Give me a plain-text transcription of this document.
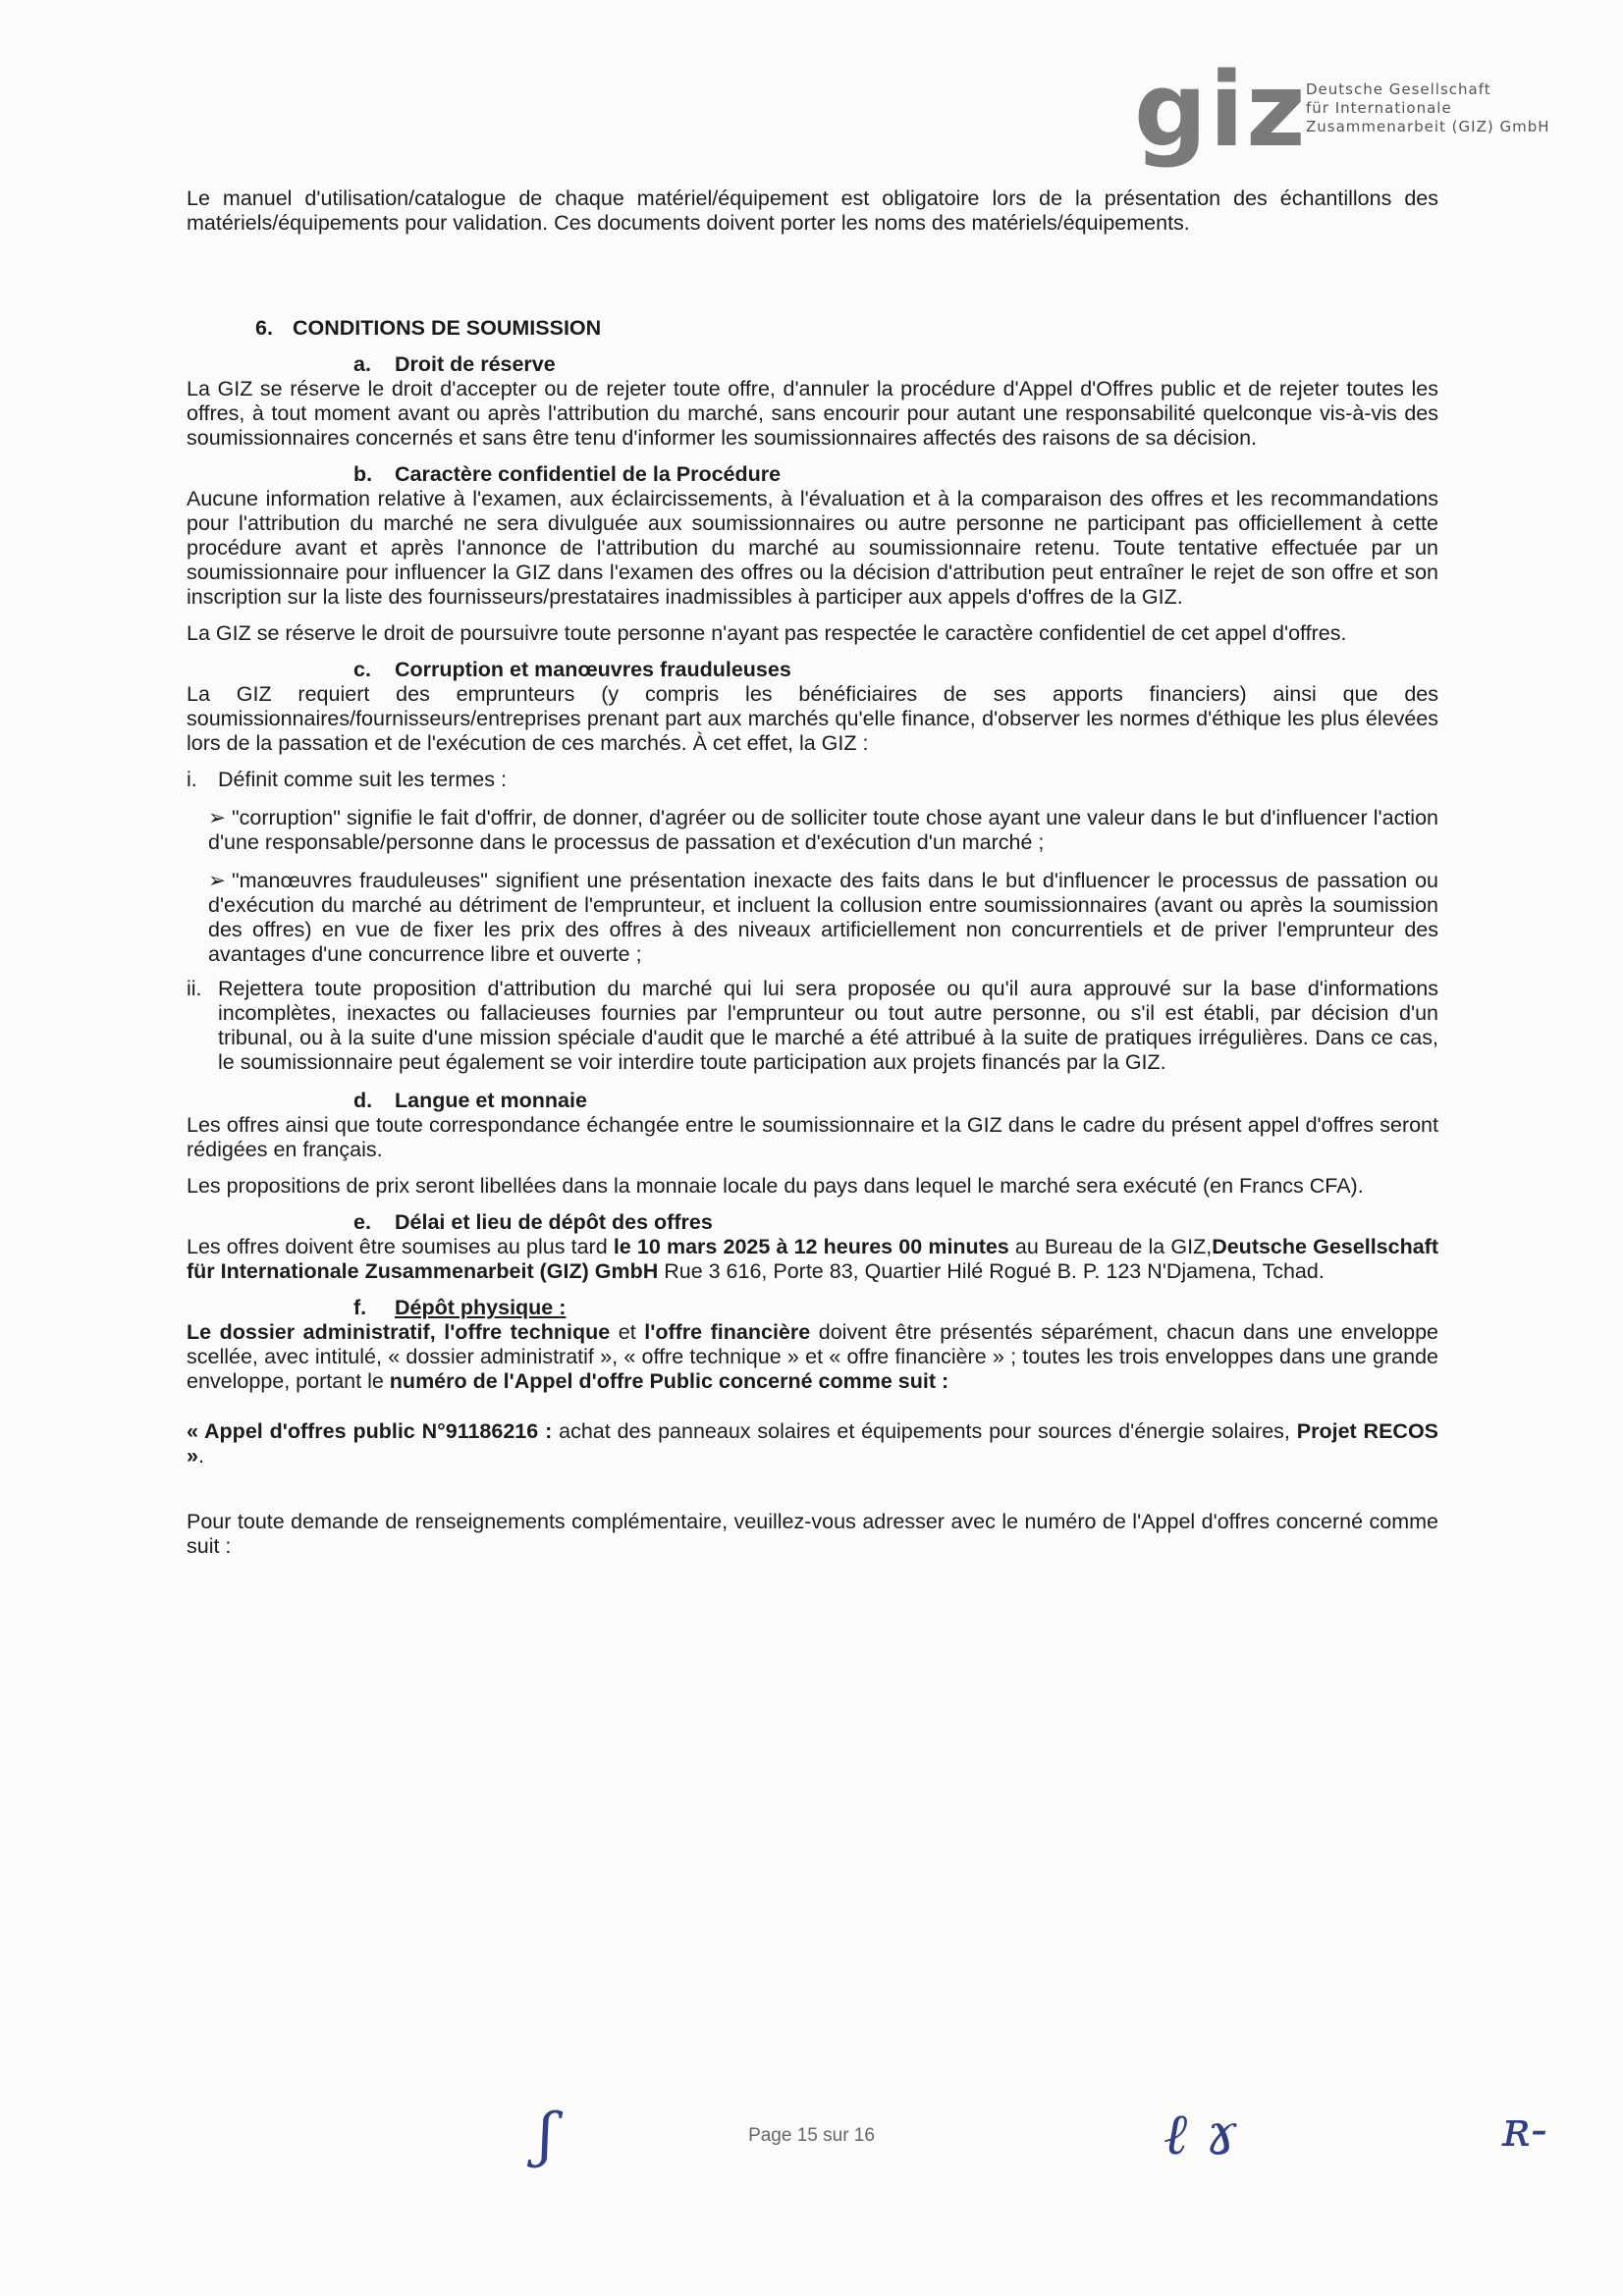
giz
Deutsche Gesellschaft
für Internationale
Zusammenarbeit (GIZ) GmbH

Le manuel d'utilisation/catalogue de chaque matériel/équipement est obligatoire lors de la présentation des échantillons des matériels/équipements pour validation. Ces documents doivent porter les noms des matériels/équipements.

6. CONDITIONS DE SOUMISSION
a. Droit de réserve

La GIZ se réserve le droit d'accepter ou de rejeter toute offre, d'annuler la procédure d'Appel d'Offres public et de rejeter toutes les offres, à tout moment avant ou après l'attribution du marché, sans encourir pour autant une responsabilité quelconque vis-à-vis des soumissionnaires concernés et sans être tenu d'informer les soumissionnaires affectés des raisons de sa décision.

b. Caractère confidentiel de la Procédure

Aucune information relative à l'examen, aux éclaircissements, à l'évaluation et à la comparaison des offres et les recommandations pour l'attribution du marché ne sera divulguée aux soumissionnaires ou autre personne ne participant pas officiellement à cette procédure avant et après l'annonce de l'attribution du marché au soumissionnaire retenu. Toute tentative effectuée par un soumissionnaire pour influencer la GIZ dans l'examen des offres ou la décision d'attribution peut entraîner le rejet de son offre et son inscription sur la liste des fournisseurs/prestataires inadmissibles à participer aux appels d'offres de la GIZ.

La GIZ se réserve le droit de poursuivre toute personne n'ayant pas respectée le caractère confidentiel de cet appel d'offres.

c. Corruption et manœuvres frauduleuses

La GIZ requiert des emprunteurs (y compris les bénéficiaires de ses apports financiers) ainsi que des soumissionnaires/fournisseurs/entreprises prenant part aux marchés qu'elle finance, d'observer les normes d'éthique les plus élevées lors de la passation et de l'exécution de ces marchés. À cet effet, la GIZ :

i. Définit comme suit les termes :
➢ "corruption" signifie le fait d'offrir, de donner, d'agréer ou de solliciter toute chose ayant une valeur dans le but d'influencer l'action d'une responsable/personne dans le processus de passation et d'exécution d'un marché ;
➢ "manœuvres frauduleuses" signifient une présentation inexacte des faits dans le but d'influencer le processus de passation ou d'exécution du marché au détriment de l'emprunteur, et incluent la collusion entre soumissionnaires (avant ou après la soumission des offres) en vue de fixer les prix des offres à des niveaux artificiellement non concurrentiels et de priver l'emprunteur des avantages d'une concurrence libre et ouverte ;
ii. Rejettera toute proposition d'attribution du marché qui lui sera proposée ou qu'il aura approuvé sur la base d'informations incomplètes, inexactes ou fallacieuses fournies par l'emprunteur ou tout autre personne, ou s'il est établi, par décision d'un tribunal, ou à la suite d'une mission spéciale d'audit que le marché a été attribué à la suite de pratiques irrégulières. Dans ce cas, le soumissionnaire peut également se voir interdire toute participation aux projets financés par la GIZ.
d. Langue et monnaie

Les offres ainsi que toute correspondance échangée entre le soumissionnaire et la GIZ dans le cadre du présent appel d'offres seront rédigées en français.

Les propositions de prix seront libellées dans la monnaie locale du pays dans lequel le marché sera exécuté (en Francs CFA).

e. Délai et lieu de dépôt des offres

Les offres doivent être soumises au plus tard le 10 mars 2025 à 12 heures 00 minutes au Bureau de la GIZ,Deutsche Gesellschaft für Internationale Zusammenarbeit (GIZ) GmbH Rue 3 616, Porte 83, Quartier Hilé Rogué B. P. 123 N'Djamena, Tchad.

f. Dépôt physique :

Le dossier administratif, l'offre technique et l'offre financière doivent être présentés séparément, chacun dans une enveloppe scellée, avec intitulé, « dossier administratif », « offre technique » et « offre financière » ; toutes les trois enveloppes dans une grande enveloppe, portant le numéro de l'Appel d'offre Public concerné comme suit :

« Appel d'offres public N°91186216 : achat des panneaux solaires et équipements pour sources d'énergie solaires, Projet RECOS ».

Pour toute demande de renseignements complémentaire, veuillez-vous adresser avec le numéro de l'Appel d'offres concerné comme suit :

ʃ	ℓ ɤ	ʀ-
Page 15 sur 16
